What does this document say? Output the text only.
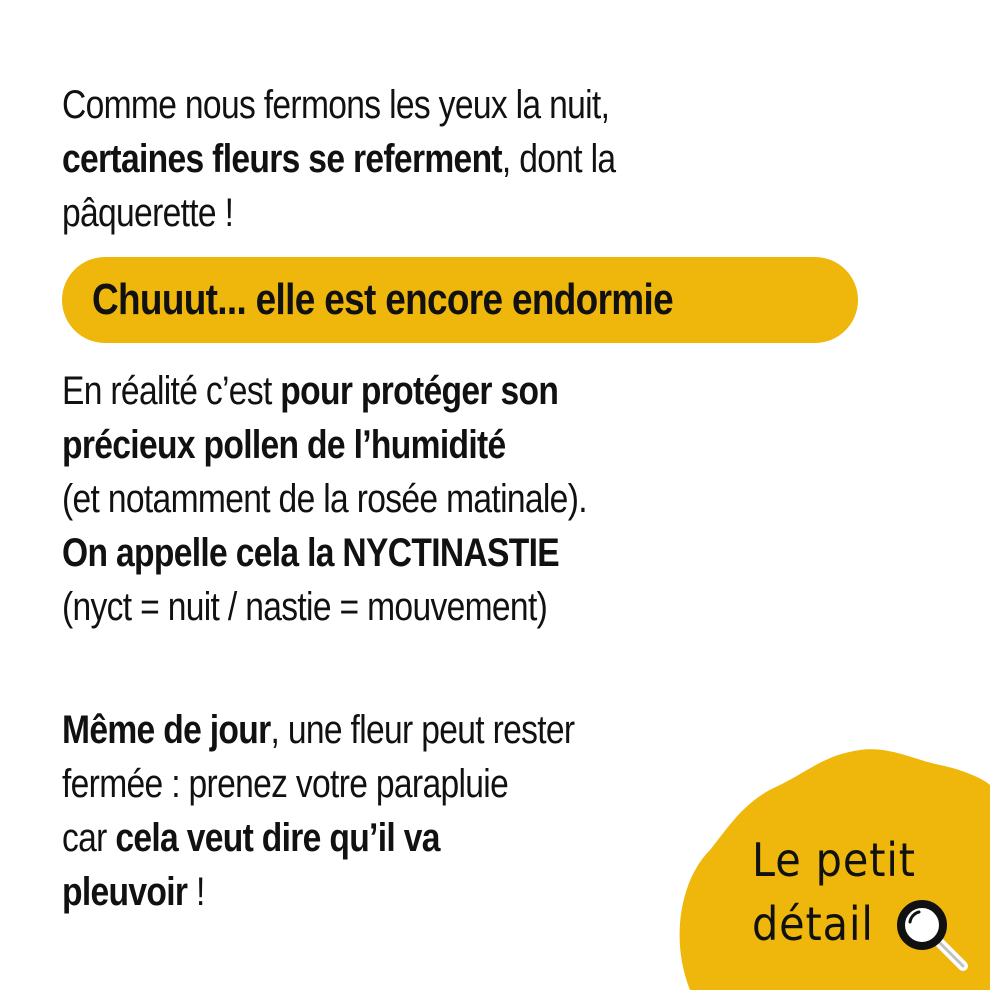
Comme nous fermons les yeux la nuit,
certaines fleurs se referment, dont la
pâquerette !
Chuuut... elle est encore endormie
En réalité c’est pour protéger son
précieux pollen de l’humidité
(et notamment de la rosée matinale).
On appelle cela la NYCTINASTIE
(nyct = nuit / nastie = mouvement)
Même de jour, une fleur peut rester
fermée : prenez votre parapluie
car cela veut dire qu’il va
pleuvoir !
Le petit
détail
